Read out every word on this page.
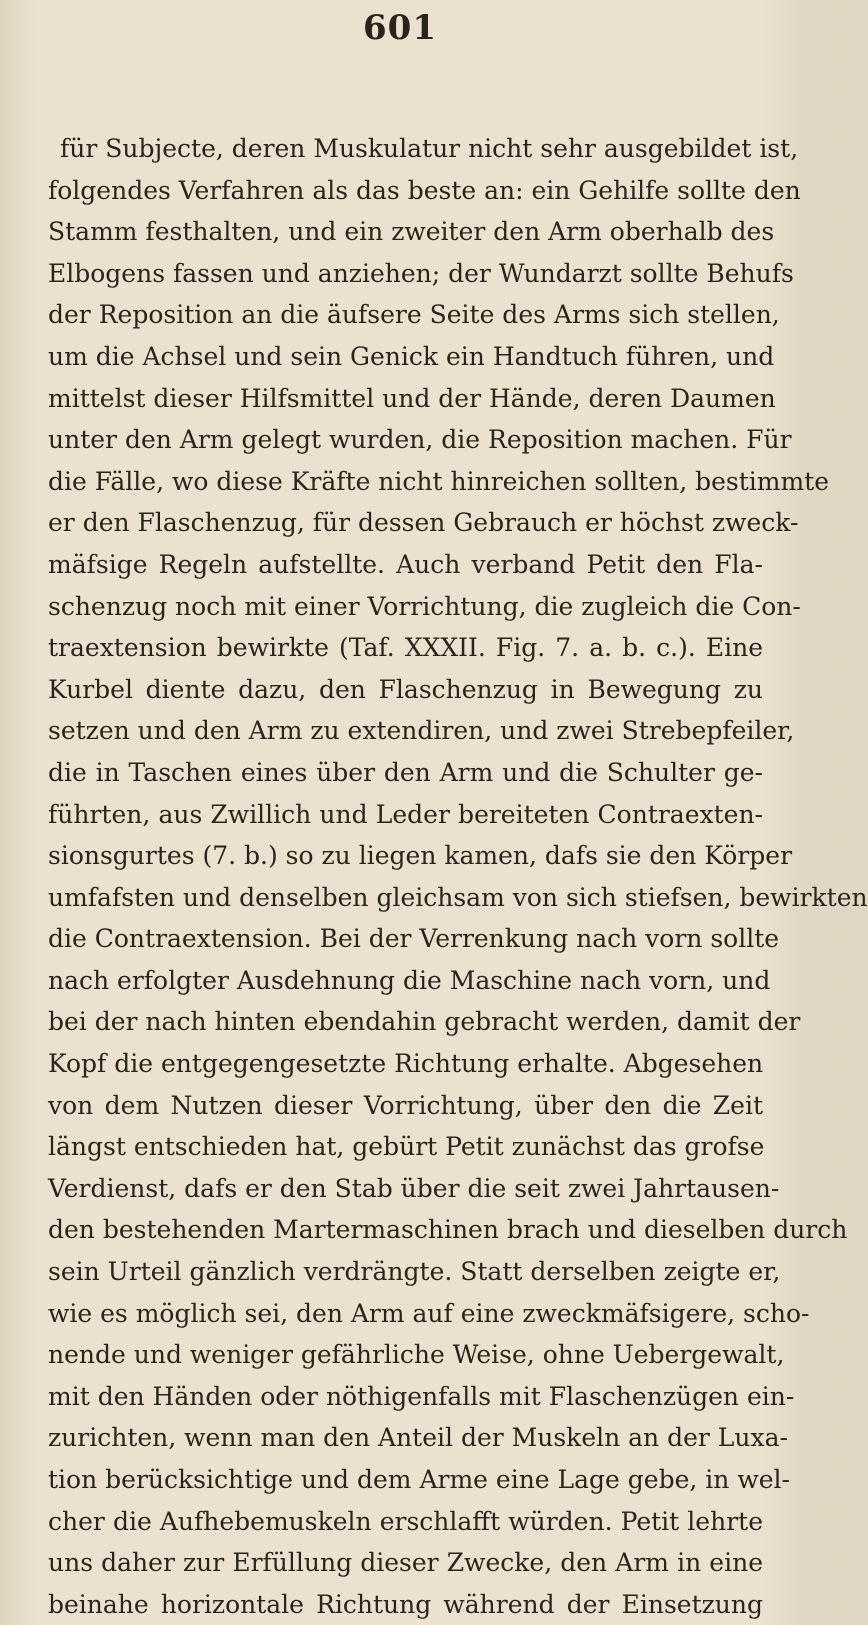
601
für Subjecte, deren Muskulatur nicht sehr ausgebildet ist,
folgendes Verfahren als das beste an: ein Gehilfe sollte den
Stamm festhalten, und ein zweiter den Arm oberhalb des
Elbogens fassen und anziehen; der Wundarzt sollte Behufs
der Reposition an die äufsere Seite des Arms sich stellen,
um die Achsel und sein Genick ein Handtuch führen, und
mittelst dieser Hilfsmittel und der Hände, deren Daumen
unter den Arm gelegt wurden, die Reposition machen. Für
die Fälle, wo diese Kräfte nicht hinreichen sollten, bestimmte
er den Flaschenzug, für dessen Gebrauch er höchst zweck-
mäfsige Regeln aufstellte. Auch verband Petit den Fla-
schenzug noch mit einer Vorrichtung, die zugleich die Con-
traextension bewirkte (Taf. XXXII. Fig. 7. a. b. c.). Eine
Kurbel diente dazu, den Flaschenzug in Bewegung zu
setzen und den Arm zu extendiren, und zwei Strebepfeiler,
die in Taschen eines über den Arm und die Schulter ge-
führten, aus Zwillich und Leder bereiteten Contraexten-
sionsgurtes (7. b.) so zu liegen kamen, dafs sie den Körper
umfafsten und denselben gleichsam von sich stiefsen, bewirkten
die Contraextension. Bei der Verrenkung nach vorn sollte
nach erfolgter Ausdehnung die Maschine nach vorn, und
bei der nach hinten ebendahin gebracht werden, damit der
Kopf die entgegengesetzte Richtung erhalte. Abgesehen
von dem Nutzen dieser Vorrichtung, über den die Zeit
längst entschieden hat, gebürt Petit zunächst das grofse
Verdienst, dafs er den Stab über die seit zwei Jahrtausen-
den bestehenden Martermaschinen brach und dieselben durch
sein Urteil gänzlich verdrängte. Statt derselben zeigte er,
wie es möglich sei, den Arm auf eine zweckmäfsigere, scho-
nende und weniger gefährliche Weise, ohne Uebergewalt,
mit den Händen oder nöthigenfalls mit Flaschenzügen ein-
zurichten, wenn man den Anteil der Muskeln an der Luxa-
tion berücksichtige und dem Arme eine Lage gebe, in wel-
cher die Aufhebemuskeln erschlafft würden. Petit lehrte
uns daher zur Erfüllung dieser Zwecke, den Arm in eine
beinahe horizontale Richtung während der Einsetzung
